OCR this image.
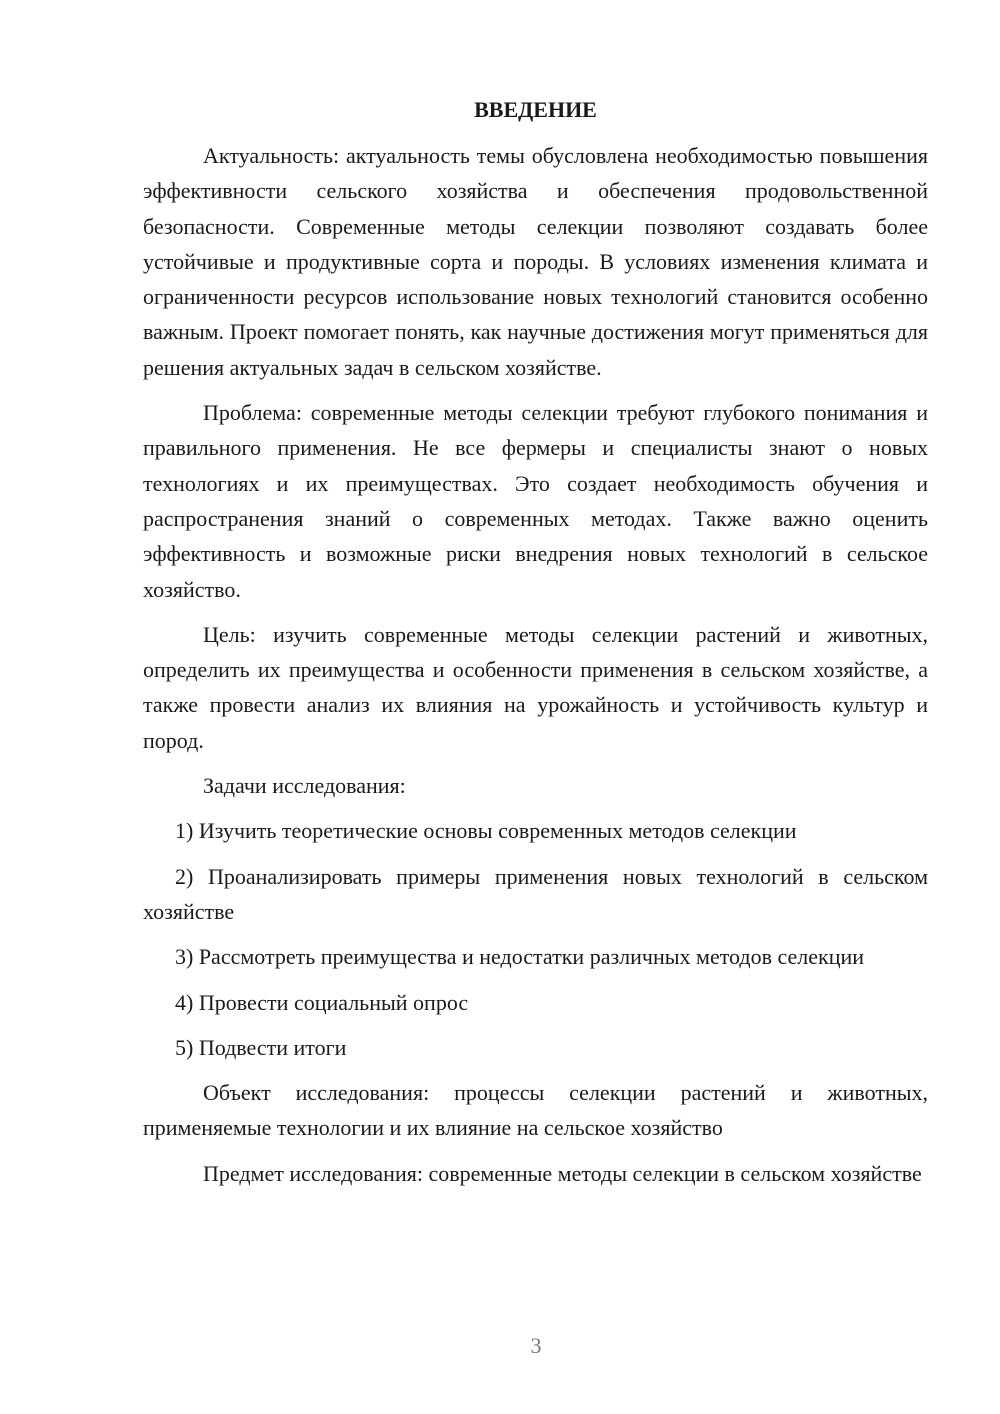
ВВЕДЕНИЕ

Актуальность: актуальность темы обусловлена необходимостью повышения эффективности сельского хозяйства и обеспечения продовольственной безопасности. Современные методы селекции позволяют создавать более устойчивые и продуктивные сорта и породы. В условиях изменения климата и ограниченности ресурсов использование новых технологий становится особенно важным. Проект помогает понять, как научные достижения могут применяться для решения актуальных задач в сельском хозяйстве.

Проблема: современные методы селекции требуют глубокого понимания и правильного применения. Не все фермеры и специалисты знают о новых технологиях и их преимуществах. Это создает необходимость обучения и распространения знаний о современных методах. Также важно оценить эффективность и возможные риски внедрения новых технологий в сельское хозяйство.

Цель: изучить современные методы селекции растений и животных, определить их преимущества и особенности применения в сельском хозяйстве, а также провести анализ их влияния на урожайность и устойчивость культур и пород.

Задачи исследования:

1) Изучить теоретические основы современных методов селекции

2) Проанализировать примеры применения новых технологий в сельском хозяйстве

3) Рассмотреть преимущества и недостатки различных методов селекции

4) Провести социальный опрос

5) Подвести итоги

Объект исследования: процессы селекции растений и животных, применяемые технологии и их влияние на сельское хозяйство

Предмет исследования: современные методы селекции в сельском хозяйстве

3
